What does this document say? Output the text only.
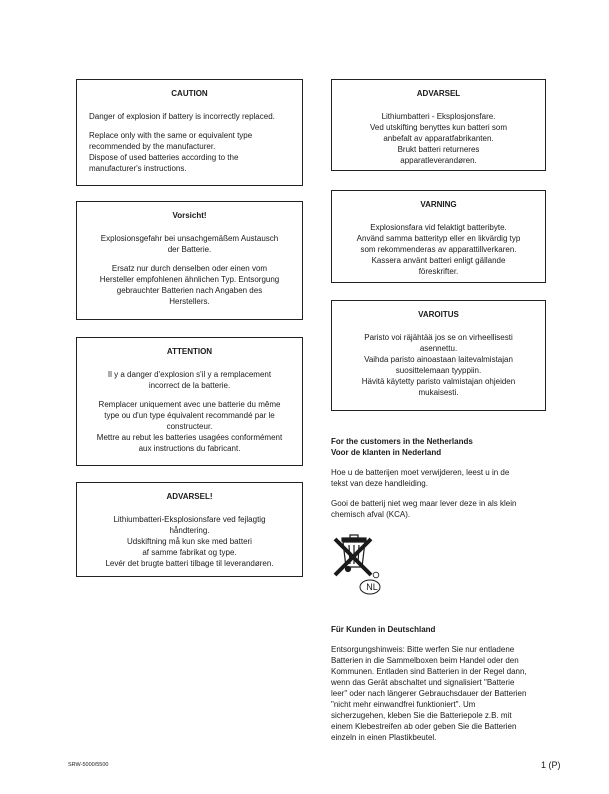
CAUTION

Danger of explosion if battery is incorrectly replaced.

Replace only with the same or equivalent type

recommended by the manufacturer.

Dispose of used batteries according to the

manufacturer's instructions.

Vorsicht!

Explosionsgefahr bei unsachgemäßem Austausch

der Batterie.

Ersatz nur durch denselben oder einen vom

Hersteller empfohlenen ähnlichen Typ. Entsorgung

gebrauchter Batterien nach Angaben des

Herstellers.

ATTENTION

Il y a danger d'explosion s'il y a remplacement

incorrect de la batterie.

Remplacer uniquement avec une batterie du même

type ou d'un type équivalent recommandé par le

constructeur.

Mettre au rebut les batteries usagées conformément

aux instructions du fabricant.

ADVARSEL!

Lithiumbatteri-Eksplosionsfare ved fejlagtig

håndtering.

Udskiftning må kun ske med batteri

af samme fabrikat og type.

Levér det brugte batteri tilbage til leverandøren.

ADVARSEL

Lithiumbatteri - Eksplosjonsfare.

Ved utskifting benyttes kun batteri som

anbefalt av apparatfabrikanten.

Brukt batteri returneres

apparatleverandøren.

VARNING

Explosionsfara vid felaktigt batteribyte.

Använd samma batterityp eller en likvärdig typ

som rekommenderas av apparattillverkaren.

Kassera använt batteri enligt gällande

föreskrifter.

VAROITUS

Paristo voi räjähtää jos se on virheellisesti

asennettu.

Vaihda paristo ainoastaan laitevalmistajan

suosittelemaan tyyppiin.

Hävitä käytetty paristo valmistajan ohjeiden

mukaisesti.

For the customers in the Netherlands

Voor de klanten in Nederland

Hoe u de batterijen moet verwijderen, leest u in de

tekst van deze handleiding.

Gooi de batterij niet weg maar lever deze in als klein

chemisch afval (KCA).

NL

Für Kunden in Deutschland

Entsorgungshinweis: Bitte werfen Sie nur entladene

Batterien in die Sammelboxen beim Handel oder den

Kommunen. Entladen sind Batterien in der Regel dann,

wenn das Gerät abschaltet und signalisiert "Batterie

leer" oder nach längerer Gebrauchsdauer der Batterien

"nicht mehr einwandfrei funktioniert". Um

sicherzugehen, kleben Sie die Batteriepole z.B. mit

einem Klebestreifen ab oder geben Sie die Batterien

einzeln in einen Plastikbeutel.

SRW-5000/5500	1 (P)
